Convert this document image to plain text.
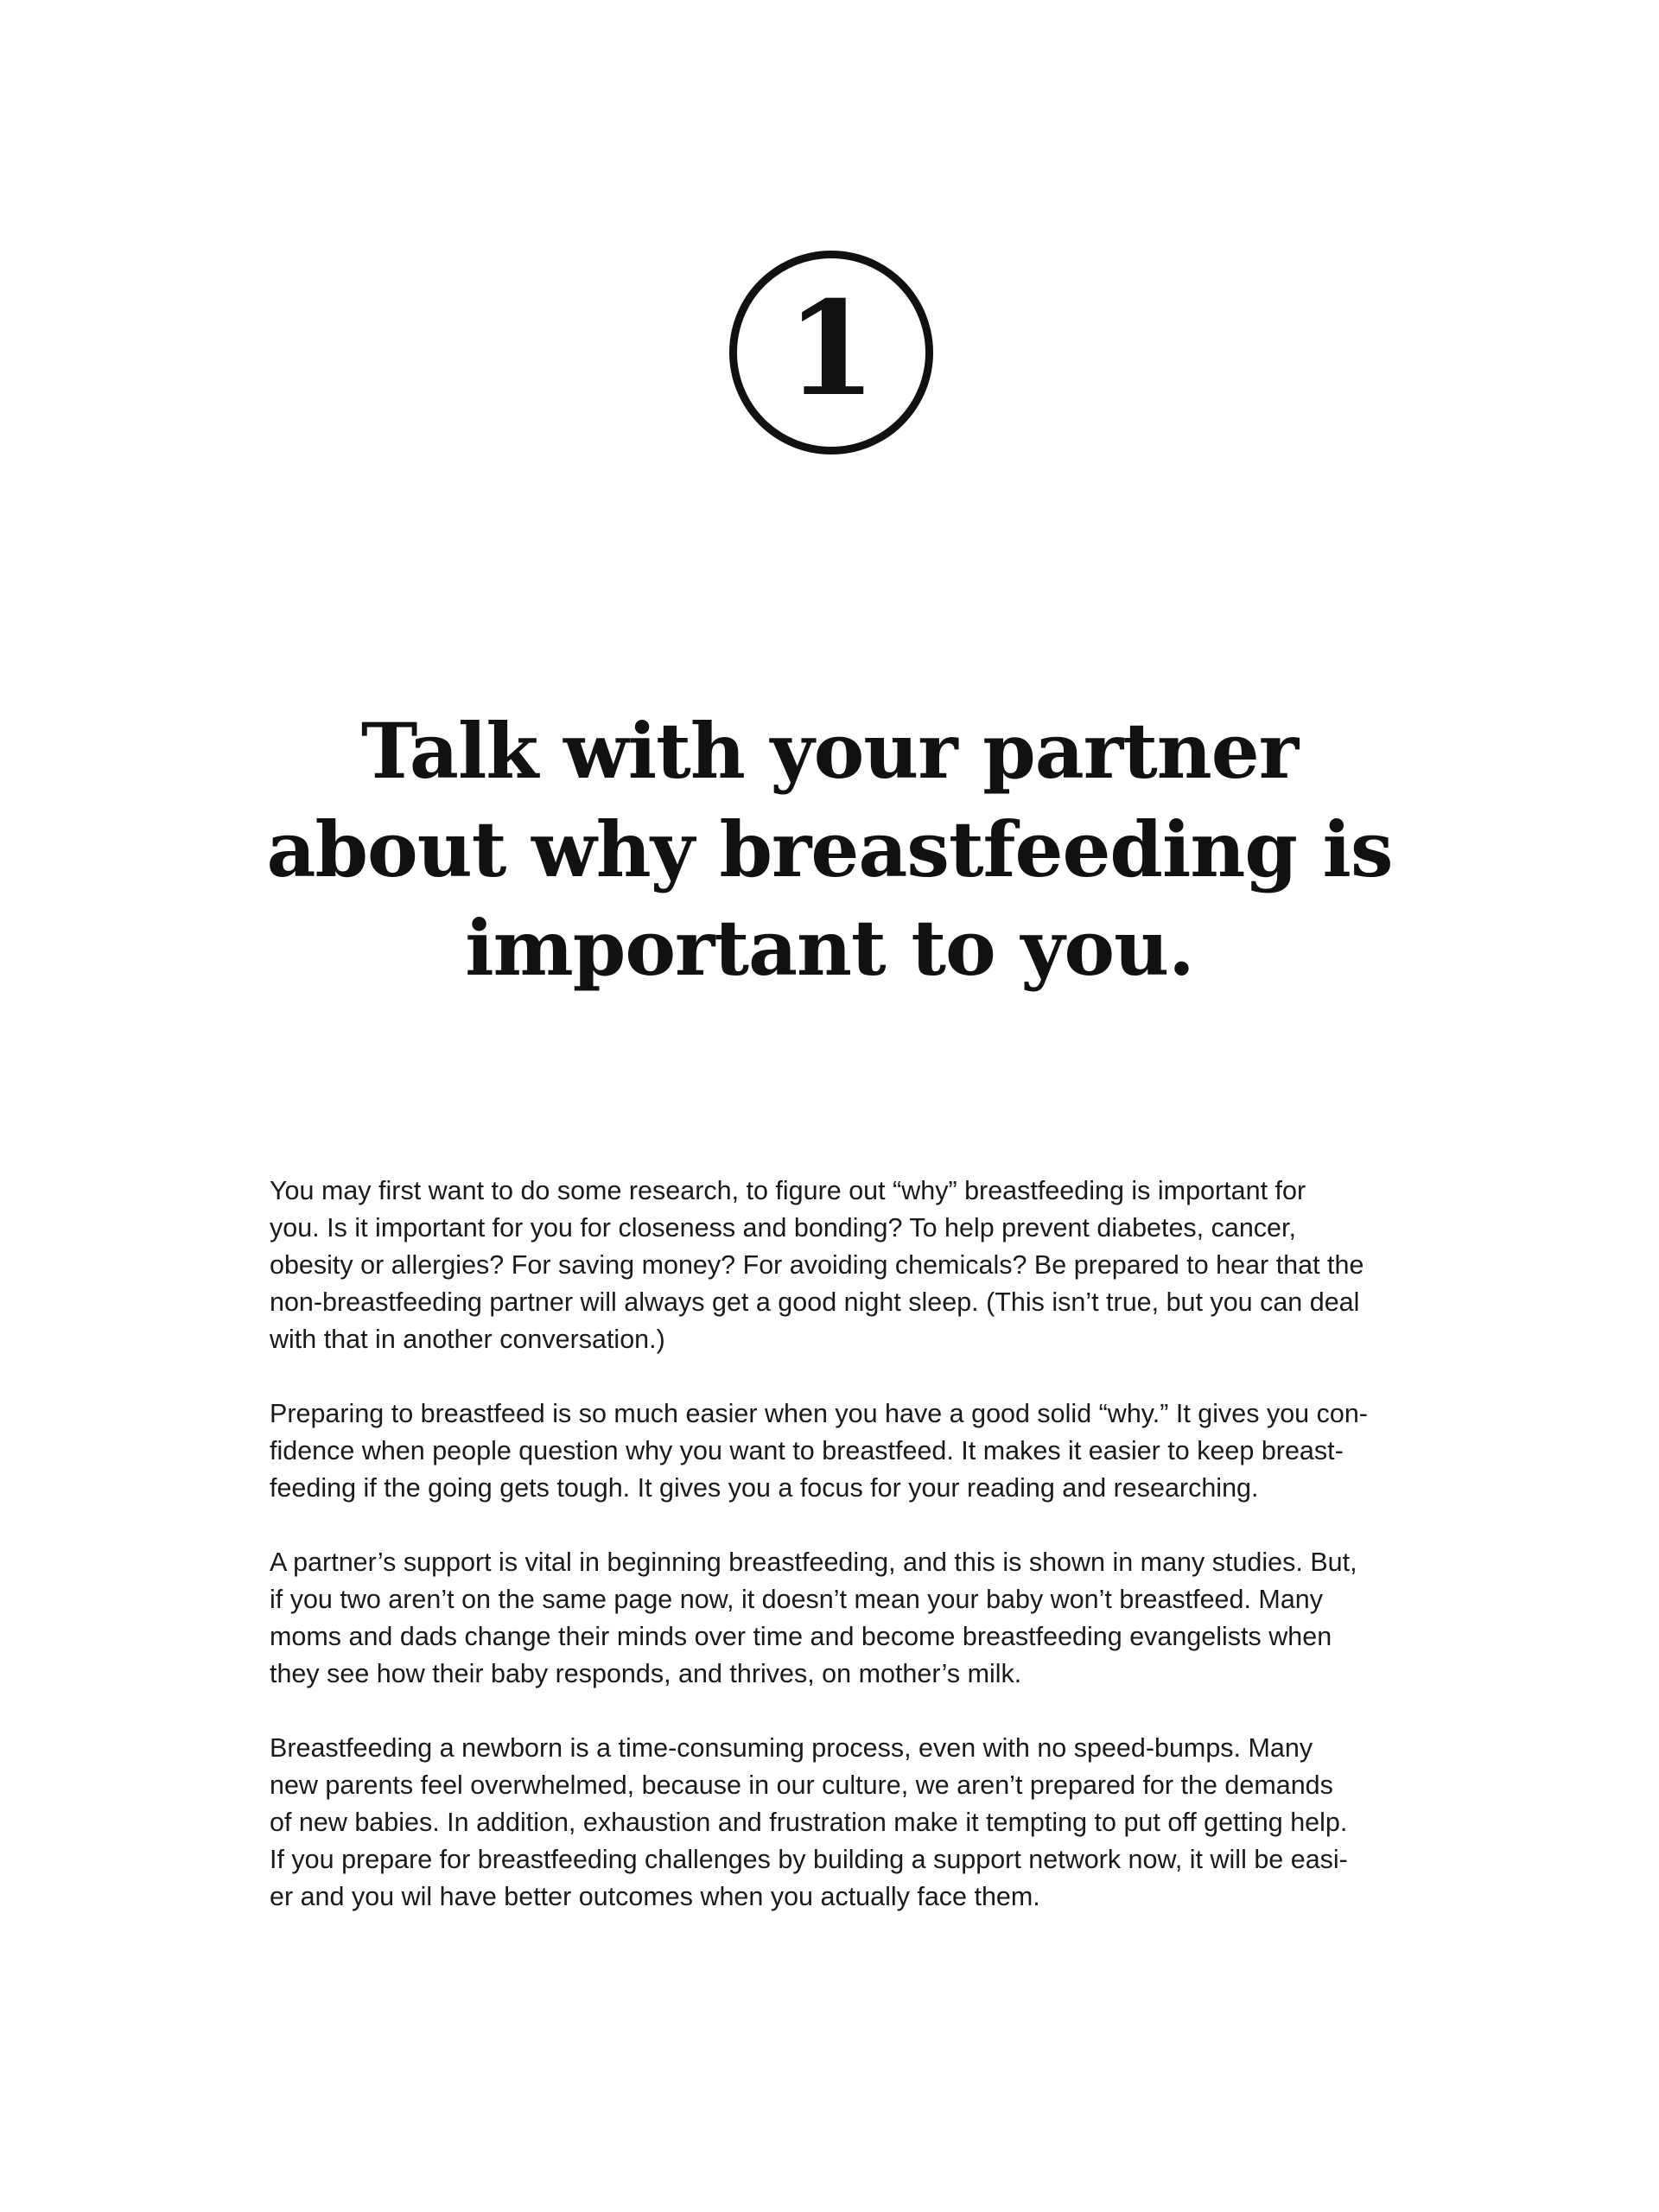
1
Talk with your partner
about why breastfeeding is
important to you.

You may first want to do some research, to figure out “why” breastfeeding is important for
you. Is it important for you for closeness and bonding? To help prevent diabetes, cancer,
obesity or allergies? For saving money? For avoiding chemicals? Be prepared to hear that the
non-breastfeeding partner will always get a good night sleep. (This isn’t true, but you can deal
with that in another conversation.)

Preparing to breastfeed is so much easier when you have a good solid “why.” It gives you con-
fidence when people question why you want to breastfeed. It makes it easier to keep breast-
feeding if the going gets tough. It gives you a focus for your reading and researching.

A partner’s support is vital in beginning breastfeeding, and this is shown in many studies. But,
if you two aren’t on the same page now, it doesn’t mean your baby won’t breastfeed. Many
moms and dads change their minds over time and become breastfeeding evangelists when
they see how their baby responds, and thrives, on mother’s milk.

Breastfeeding a newborn is a time-consuming process, even with no speed-bumps. Many
new parents feel overwhelmed, because in our culture, we aren’t prepared for the demands
of new babies. In addition, exhaustion and frustration make it tempting to put off getting help.
If you prepare for breastfeeding challenges by building a support network now, it will be easi-
er and you wil have better outcomes when you actually face them.
